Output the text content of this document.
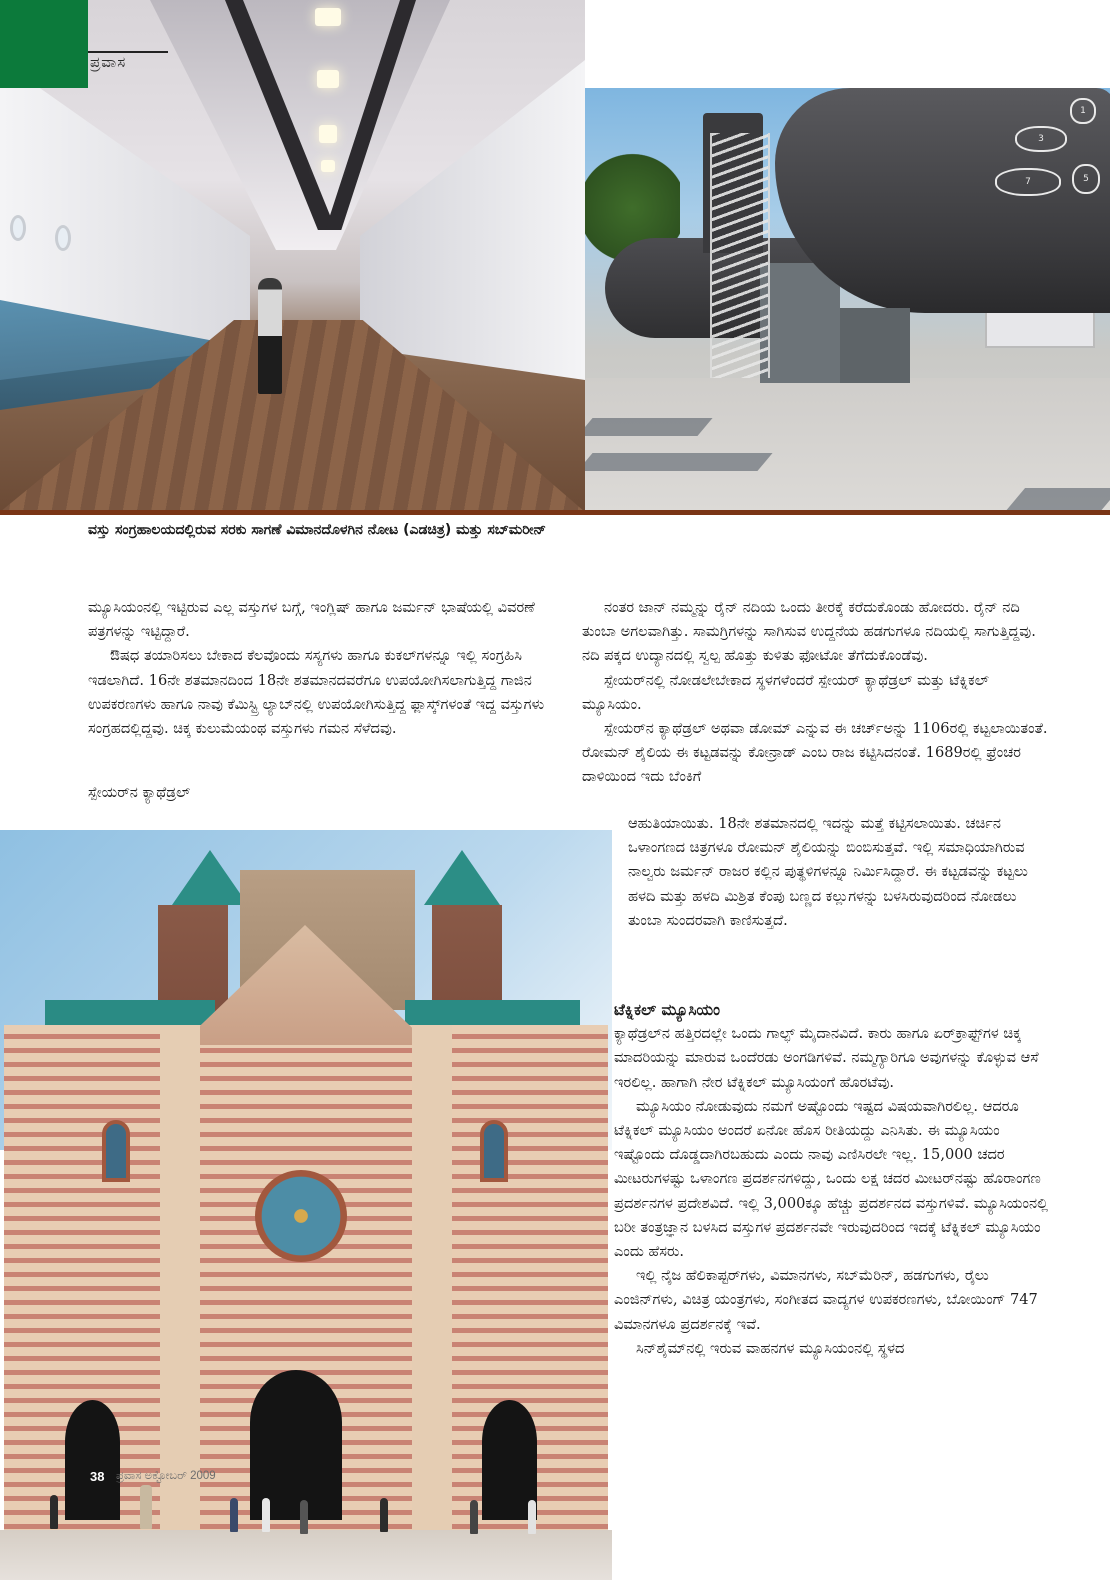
1
3
7	5
ಪ್ರವಾಸ
ವಸ್ತು ಸಂಗ್ರಹಾಲಯದಲ್ಲಿರುವ ಸರಕು ಸಾಗಣೆ ವಿಮಾನದೊಳಗಿನ ನೋಟ (ಎಡಚಿತ್ರ) ಮತ್ತು ಸಬ್‌ಮರೀನ್

ಮ್ಯೂಸಿಯಂನಲ್ಲಿ ಇಟ್ಟಿರುವ ಎಲ್ಲ ವಸ್ತುಗಳ ಬಗ್ಗೆ, ಇಂಗ್ಲಿಷ್ ಹಾಗೂ ಜರ್ಮನ್ ಭಾಷೆಯಲ್ಲಿ ವಿವರಣೆ ಪತ್ರಗಳನ್ನು ಇಟ್ಟಿದ್ದಾರೆ.

ಔಷಧ ತಯಾರಿಸಲು ಬೇಕಾದ ಕೆಲವೊಂದು ಸಸ್ಯಗಳು ಹಾಗೂ ಕುಕಲ್‌ಗಳನ್ನೂ ಇಲ್ಲಿ ಸಂಗ್ರಹಿಸಿ ಇಡಲಾಗಿದೆ. 16ನೇ ಶತಮಾನದಿಂದ 18ನೇ ಶತಮಾನದವರೆಗೂ ಉಪಯೋಗಿಸಲಾಗುತ್ತಿದ್ದ ಗಾಜಿನ ಉಪಕರಣಗಳು ಹಾಗೂ ನಾವು ಕೆಮಿಸ್ಟ್ರಿ ಲ್ಯಾಬ್‌ನಲ್ಲಿ ಉಪಯೋಗಿಸುತ್ತಿದ್ದ ಫ್ಲಾಸ್ಕ್‌ಗಳಂತೆ ಇದ್ದ ವಸ್ತುಗಳು ಸಂಗ್ರಹದಲ್ಲಿದ್ದವು. ಚಿಕ್ಕ ಕುಲುಮೆಯಂಥ ವಸ್ತುಗಳು ಗಮನ ಸೆಳೆದವು.

ಸ್ಪೇಯರ್‌ನ ಕ್ಯಾಥೆಡ್ರಲ್

ನಂತರ ಜಾನ್ ನಮ್ಮನ್ನು ರೈನ್ ನದಿಯ ಒಂದು ತೀರಕ್ಕೆ ಕರೆದುಕೊಂಡು ಹೋದರು. ರೈನ್ ನದಿ ತುಂಬಾ ಅಗಲವಾಗಿತ್ತು. ಸಾಮಗ್ರಿಗಳನ್ನು ಸಾಗಿಸುವ ಉದ್ದನೆಯ ಹಡಗುಗಳೂ ನದಿಯಲ್ಲಿ ಸಾಗುತ್ತಿದ್ದವು. ನದಿ ಪಕ್ಕದ ಉದ್ಯಾನದಲ್ಲಿ ಸ್ವಲ್ಪ ಹೊತ್ತು ಕುಳಿತು ಫೋಟೋ ತೆಗೆದುಕೊಂಡೆವು.

ಸ್ಪೇಯರ್‌ನಲ್ಲಿ ನೋಡಲೇಬೇಕಾದ ಸ್ಥಳಗಳೆಂದರೆ ಸ್ಪೇಯರ್ ಕ್ಯಾಥೆಡ್ರಲ್ ಮತ್ತು ಟೆಕ್ನಿಕಲ್ ಮ್ಯೂಸಿಯಂ.

ಸ್ಪೇಯರ್‌ನ ಕ್ಯಾಥೆಡ್ರಲ್ ಅಥವಾ ಡೋಮ್ ಎನ್ನುವ ಈ ಚರ್ಚ್‌ಅನ್ನು 1106ರಲ್ಲಿ ಕಟ್ಟಲಾಯಿತಂತೆ. ರೋಮನ್ ಶೈಲಿಯ ಈ ಕಟ್ಟಡವನ್ನು ಕೋನ್ರಾಡ್ ಎಂಬ ರಾಜ ಕಟ್ಟಿಸಿದನಂತೆ. 1689ರಲ್ಲಿ ಫ್ರೆಂಚರ ದಾಳಿಯಿಂದ ಇದು ಬೆಂಕಿಗೆ

ಆಹುತಿಯಾಯಿತು. 18ನೇ ಶತಮಾನದಲ್ಲಿ ಇದನ್ನು ಮತ್ತೆ ಕಟ್ಟಿಸಲಾಯಿತು. ಚರ್ಚಿನ ಒಳಾಂಗಣದ ಚಿತ್ರಗಳೂ ರೋಮನ್ ಶೈಲಿಯನ್ನು ಬಿಂಬಿಸುತ್ತವೆ. ಇಲ್ಲಿ ಸಮಾಧಿಯಾಗಿರುವ ನಾಲ್ವರು ಜರ್ಮನ್ ರಾಜರ ಕಲ್ಲಿನ ಪುತ್ಥಳಿಗಳನ್ನೂ ನಿರ್ಮಿಸಿದ್ದಾರೆ. ಈ ಕಟ್ಟಡವನ್ನು ಕಟ್ಟಲು ಹಳದಿ ಮತ್ತು ಹಳದಿ ಮಿಶ್ರಿತ ಕೆಂಪು ಬಣ್ಣದ ಕಲ್ಲುಗಳನ್ನು ಬಳಸಿರುವುದರಿಂದ ನೋಡಲು ತುಂಬಾ ಸುಂದರವಾಗಿ ಕಾಣಿಸುತ್ತದೆ.

ಟೆಕ್ನಿಕಲ್ ಮ್ಯೂಸಿಯಂ

ಕ್ಯಾಥೆಡ್ರಲ್‌ನ ಹತ್ತಿರದಲ್ಲೇ ಒಂದು ಗಾಲ್ಫ್ ಮೈದಾನವಿದೆ. ಕಾರು ಹಾಗೂ ಏರ್‌ಕ್ರಾಫ್ಟ್‌ಗಳ ಚಿಕ್ಕ ಮಾದರಿಯನ್ನು ಮಾರುವ ಒಂದೆರಡು ಅಂಗಡಿಗಳಿವೆ. ನಮ್ಮಗ್ಯಾರಿಗೂ ಅವುಗಳನ್ನು ಕೊಳ್ಳುವ ಆಸೆ ಇರಲಿಲ್ಲ. ಹಾಗಾಗಿ ನೇರ ಟೆಕ್ನಿಕಲ್ ಮ್ಯೂಸಿಯಂಗೆ ಹೊರಟೆವು.

ಮ್ಯೂಸಿಯಂ ನೋಡುವುದು ನಮಗೆ ಅಷ್ಟೊಂದು ಇಷ್ಟದ ವಿಷಯವಾಗಿರಲಿಲ್ಲ. ಆದರೂ ಟೆಕ್ನಿಕಲ್ ಮ್ಯೂಸಿಯಂ ಅಂದರೆ ಏನೋ ಹೊಸ ರೀತಿಯದ್ದು ಎನಿಸಿತು. ಈ ಮ್ಯೂಸಿಯಂ ಇಷ್ಟೊಂದು ದೊಡ್ಡದಾಗಿರಬಹುದು ಎಂದು ನಾವು ಎಣಿಸಿರಲೇ ಇಲ್ಲ. 15,000 ಚದರ ಮೀಟರುಗಳಷ್ಟು ಒಳಾಂಗಣ ಪ್ರದರ್ಶನಗಳಿದ್ದು, ಒಂದು ಲಕ್ಷ ಚದರ ಮೀಟರ್‌ನಷ್ಟು ಹೊರಾಂಗಣ ಪ್ರದರ್ಶನಗಳ ಪ್ರದೇಶವಿದೆ. ಇಲ್ಲಿ 3,000ಕ್ಕೂ ಹೆಚ್ಚು ಪ್ರದರ್ಶನದ ವಸ್ತುಗಳಿವೆ. ಮ್ಯೂಸಿಯಂನಲ್ಲಿ ಬರೀ ತಂತ್ರಜ್ಞಾನ ಬಳಸಿದ ವಸ್ತುಗಳ ಪ್ರದರ್ಶನವೇ ಇರುವುದರಿಂದ ಇದಕ್ಕೆ ಟೆಕ್ನಿಕಲ್ ಮ್ಯೂಸಿಯಂ ಎಂದು ಹೆಸರು.

ಇಲ್ಲಿ ನೈಜ ಹೆಲಿಕಾಪ್ಟರ್‌ಗಳು, ವಿಮಾನಗಳು, ಸಬ್‌ಮೆರಿನ್, ಹಡಗುಗಳು, ರೈಲು ಎಂಜಿನ್‌ಗಳು, ವಿಚಿತ್ರ ಯಂತ್ರಗಳು, ಸಂಗೀತದ ವಾದ್ಯಗಳ ಉಪಕರಣಗಳು, ಬೋಯಿಂಗ್ 747 ವಿಮಾನಗಳೂ ಪ್ರದರ್ಶನಕ್ಕೆ ಇವೆ.

ಸಿನ್‌ಶೈಮ್‌ನಲ್ಲಿ ಇರುವ ವಾಹನಗಳ ಮ್ಯೂಸಿಯಂನಲ್ಲಿ ಸ್ಥಳದ

38 ಪ್ರವಾಸ ಅಕ್ಟೋಬರ್ 2009
